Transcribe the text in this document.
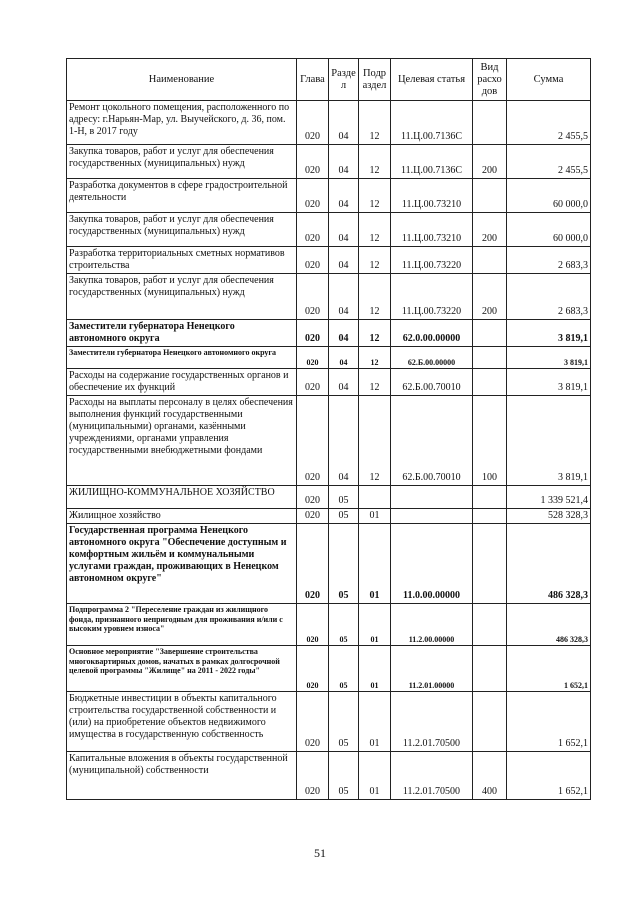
Наименование	Глава	Разде л	Подр аздел	Целевая статья	Вид расхо дов	Сумма
Ремонт цокольного помещения, расположенного по адресу: г.Нарьян-Мар, ул. Выучейского, д. 36, пом. 1-Н, в 2017 году	020	04	12	11.Ц.00.7136С		2 455,5
Закупка товаров, работ и услуг для обеспечения государственных (муниципальных) нужд	020	04	12	11.Ц.00.7136С	200	2 455,5
Разработка документов в сфере градостроительной деятельности	020	04	12	11.Ц.00.73210		60 000,0
Закупка товаров, работ и услуг для обеспечения государственных (муниципальных) нужд	020	04	12	11.Ц.00.73210	200	60 000,0
Разработка территориальных сметных нормативов строительства	020	04	12	11.Ц.00.73220		2 683,3
Закупка товаров, работ и услуг для обеспечения государственных (муниципальных) нужд	020	04	12	11.Ц.00.73220	200	2 683,3
Заместители губернатора Ненецкого автономного округа	020	04	12	62.0.00.00000		3 819,1
Заместители губернатора Ненецкого автономного округа	020	04	12	62.Б.00.00000		3 819,1
Расходы на содержание государственных органов и обеспечение их функций	020	04	12	62.Б.00.70010		3 819,1
Расходы на выплаты персоналу в целях обеспечения выполнения функций государственными (муниципальными) органами, казёнными учреждениями, органами управления государственными внебюджетными фондами	020	04	12	62.Б.00.70010	100	3 819,1
ЖИЛИЩНО-КОММУНАЛЬНОЕ ХОЗЯЙСТВО	020	05				1 339 521,4
Жилищное хозяйство	020	05	01			528 328,3
Государственная программа Ненецкого автономного округа "Обеспечение доступным и комфортным жильём и коммунальными услугами граждан, проживающих в Ненецком автономном округе"	020	05	01	11.0.00.00000		486 328,3
Подпрограмма 2 "Переселение граждан из жилищного фонда, признанного непригодным для проживания и/или с высоким уровнем износа"	020	05	01	11.2.00.00000		486 328,3
Основное мероприятие "Завершение строительства многоквартирных домов, начатых в рамках долгосрочной целевой программы "Жилище" на 2011 - 2022 годы"	020	05	01	11.2.01.00000		1 652,1
Бюджетные инвестиции в объекты капитального строительства государственной собственности и (или) на приобретение объектов недвижимого имущества в государственную собственность	020	05	01	11.2.01.70500		1 652,1
Капитальные вложения в объекты государственной (муниципальной) собственности	020	05	01	11.2.01.70500	400	1 652,1
51
